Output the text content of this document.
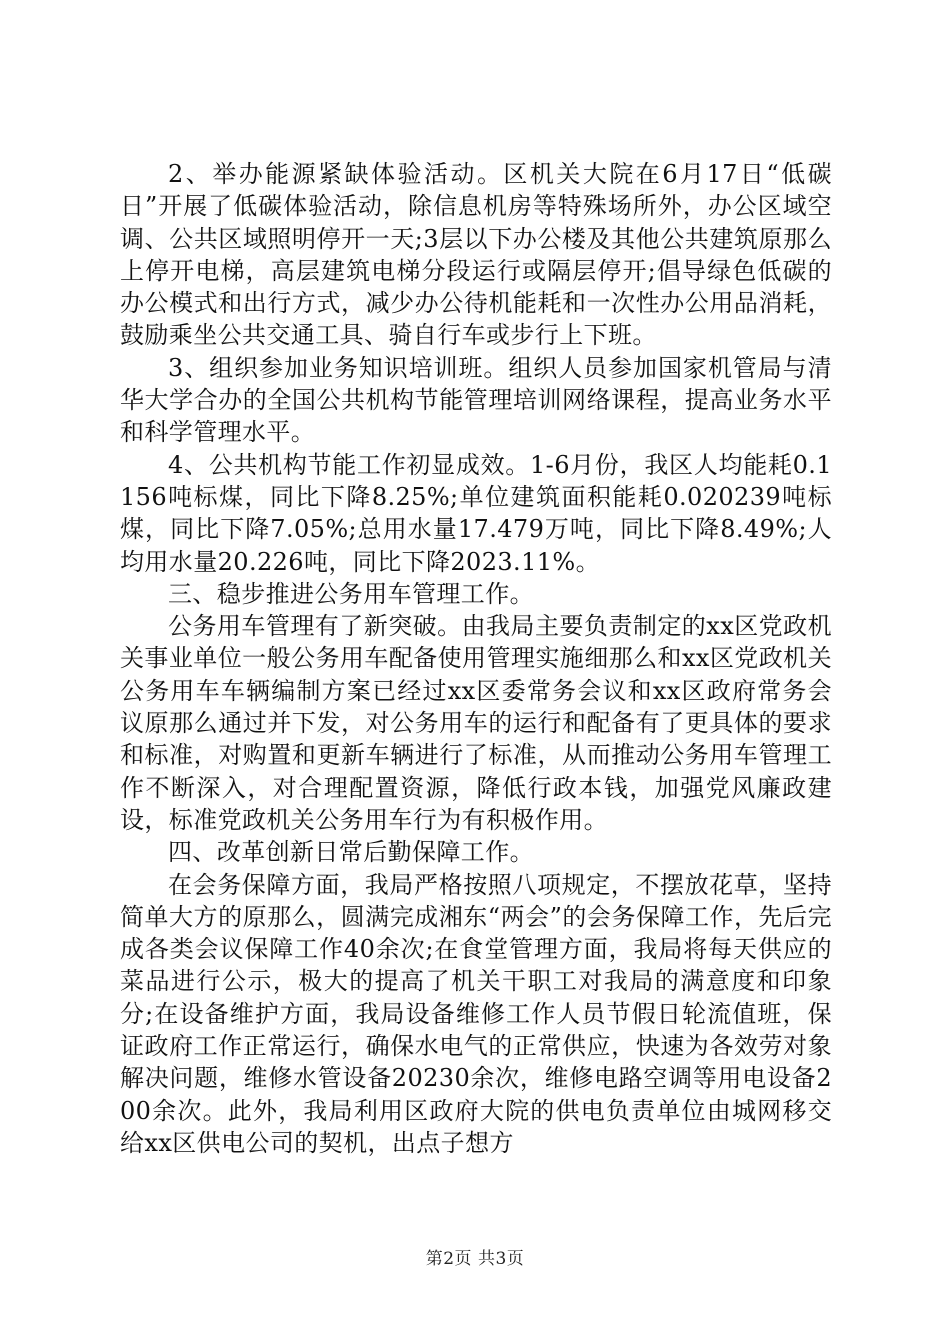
2、举办能源紧缺体验活动。区机关大院在6月17日“低碳日”开展了低碳体验活动，除信息机房等特殊场所外，办公区域空调、公共区域照明停开一天;3层以下办公楼及其他公共建筑原那么上停开电梯，高层建筑电梯分段运行或隔层停开;倡导绿色低碳的办公模式和出行方式，减少办公待机能耗和一次性办公用品消耗，鼓励乘坐公共交通工具、骑自行车或步行上下班。

3、组织参加业务知识培训班。组织人员参加国家机管局与清华大学合办的全国公共机构节能管理培训网络课程，提高业务水平和科学管理水平。

4、公共机构节能工作初显成效。1-6月份，我区人均能耗0.1156吨标煤，同比下降8.25%;单位建筑面积能耗0.020239吨标煤，同比下降7.05%;总用水量17.479万吨，同比下降8.49%;人均用水量20.226吨，同比下降2023.11%。

三、稳步推进公务用车管理工作。

公务用车管理有了新突破。由我局主要负责制定的xx区党政机关事业单位一般公务用车配备使用管理实施细那么和xx区党政机关公务用车车辆编制方案已经过xx区委常务会议和xx区政府常务会议原那么通过并下发，对公务用车的运行和配备有了更具体的要求和标准，对购置和更新车辆进行了标准，从而推动公务用车管理工作不断深入，对合理配置资源，降低行政本钱，加强党风廉政建设，标准党政机关公务用车行为有积极作用。

四、改革创新日常后勤保障工作。

在会务保障方面，我局严格按照八项规定，不摆放花草，坚持简单大方的原那么，圆满完成湘东“两会”的会务保障工作，先后完成各类会议保障工作40余次;在食堂管理方面，我局将每天供应的菜品进行公示，极大的提高了机关干职工对我局的满意度和印象分;在设备维护方面，我局设备维修工作人员节假日轮流值班，保证政府工作正常运行，确保水电气的正常供应，快速为各效劳对象解决问题，维修水管设备20230余次，维修电路空调等用电设备200余次。此外，我局利用区政府大院的供电负责单位由城网移交给xx区供电公司的契机，出点子想方

第2页 共3页
